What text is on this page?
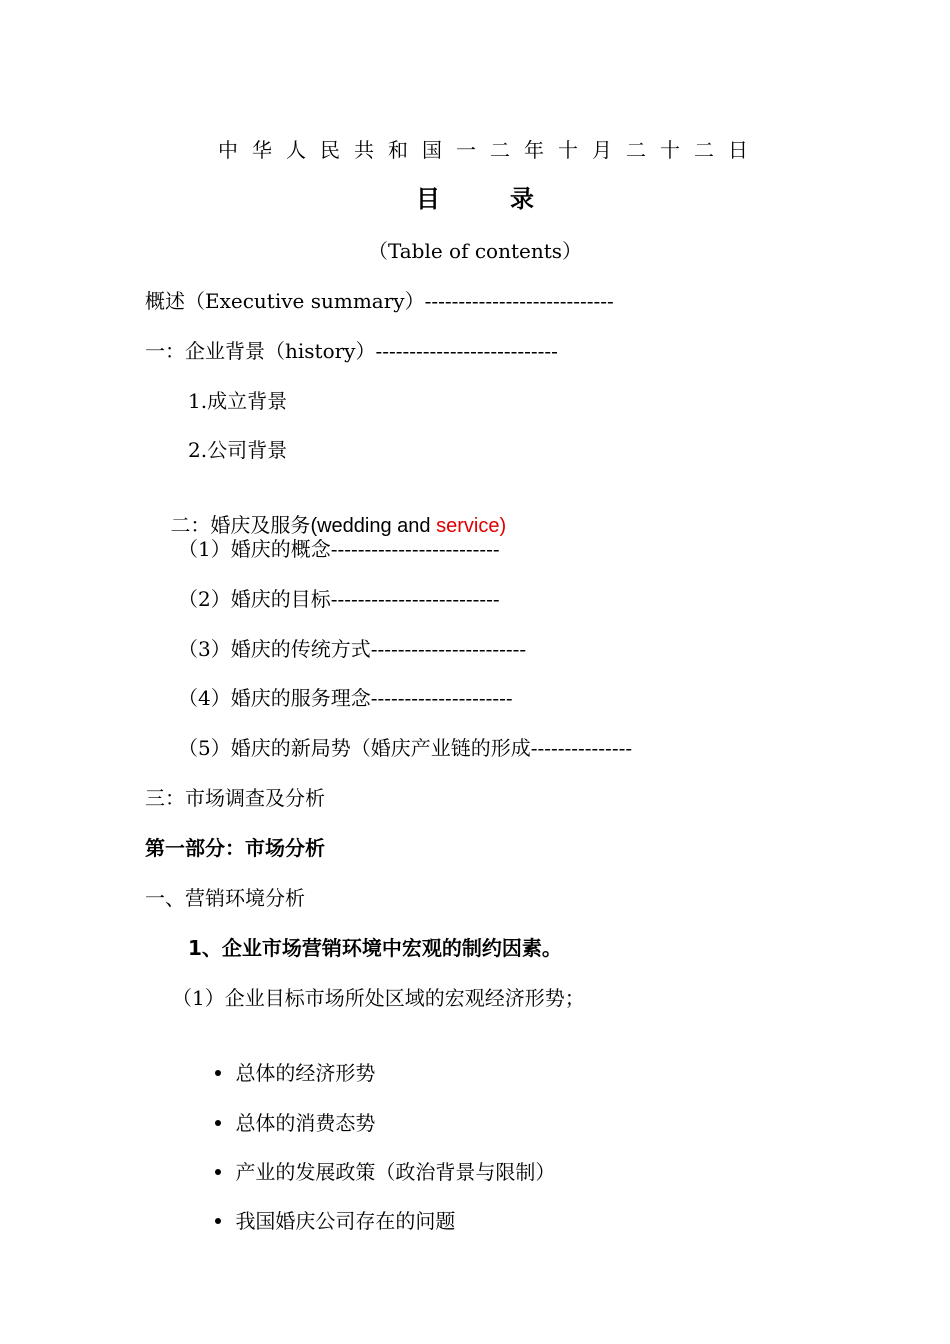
中华人民共和国一二年十月二十二日
目录
（Table of contents）
概述（Executive summary）----------------------------
一：企业背景（history）---------------------------
1.成立背景
2.公司背景

二：婚庆及服务(wedding and service)

（1）婚庆的概念-------------------------
（2）婚庆的目标-------------------------
（3）婚庆的传统方式-----------------------
（4）婚庆的服务理念---------------------
（5）婚庆的新局势（婚庆产业链的形成---------------
三：市场调查及分析
第一部分：市场分析
一、营销环境分析
1、企业市场营销环境中宏观的制约因素。
（1）企业目标市场所处区域的宏观经济形势；

总体的经济形势

总体的消费态势

产业的发展政策（政治背景与限制）

我国婚庆公司存在的问题
